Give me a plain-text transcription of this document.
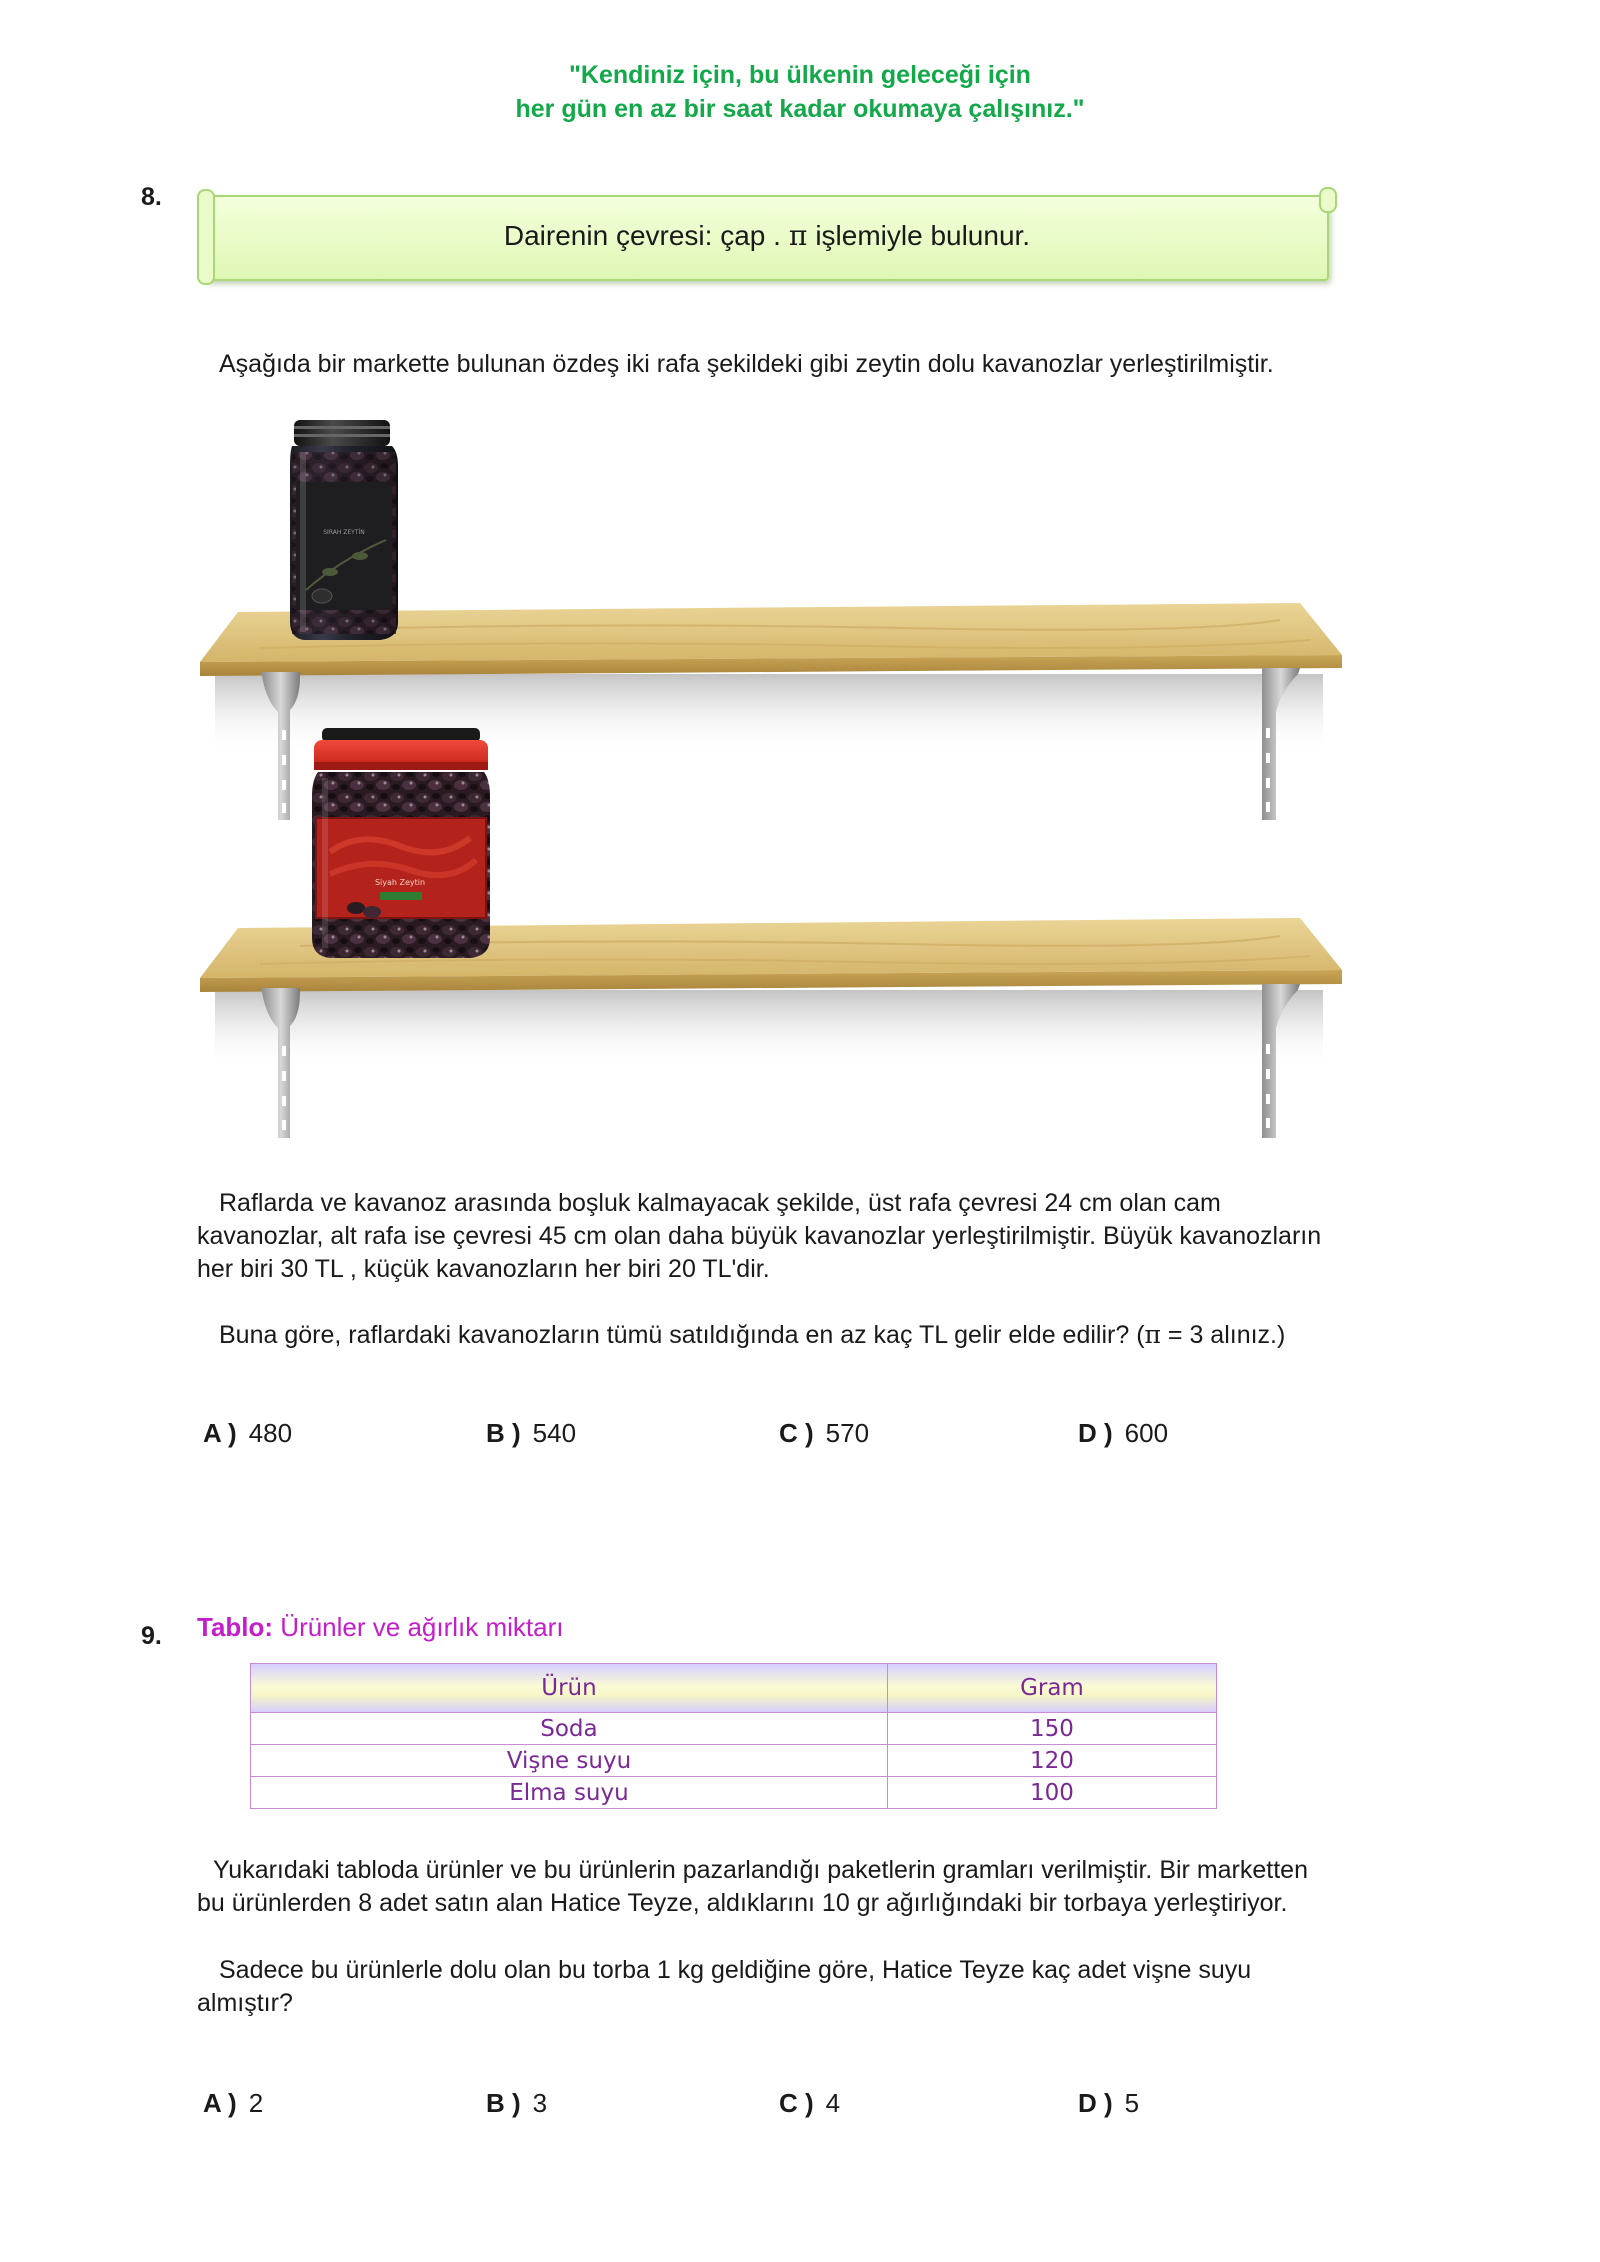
"Kendiniz için, bu ülkenin geleceği için
her gün en az bir saat kadar okumaya çalışınız."
8.
Dairenin çevresi: çap . π işlemiyle bulunur.
Aşağıda bir markette bulunan özdeş iki rafa şekildeki gibi zeytin dolu kavanozlar yerleştirilmiştir.
SIRAH ZEYTİN
Siyah Zeytin
Raflarda ve kavanoz arasında boşluk kalmayacak şekilde, üst rafa çevresi 24 cm olan cam
kavanozlar, alt rafa ise çevresi 45 cm olan daha büyük kavanozlar yerleştirilmiştir. Büyük kavanozların
her biri 30 TL , küçük kavanozların her biri 20 TL'dir.
Buna göre, raflardaki kavanozların tümü satıldığında en az kaç TL gelir elde edilir? (π = 3 alınız.)
A ) 480	B ) 540	C ) 570	D ) 600
9. Tablo: Ürünler ve ağırlık miktarı
Ürün	Gram
Soda	150
Vişne suyu	120
Elma suyu	100
Yukarıdaki tabloda ürünler ve bu ürünlerin pazarlandığı paketlerin gramları verilmiştir. Bir marketten
bu ürünlerden 8 adet satın alan Hatice Teyze, aldıklarını 10 gr ağırlığındaki bir torbaya yerleştiriyor.
Sadece bu ürünlerle dolu olan bu torba 1 kg geldiğine göre, Hatice Teyze kaç adet vişne suyu
almıştır?
A ) 2	B ) 3	C ) 4	D ) 5
